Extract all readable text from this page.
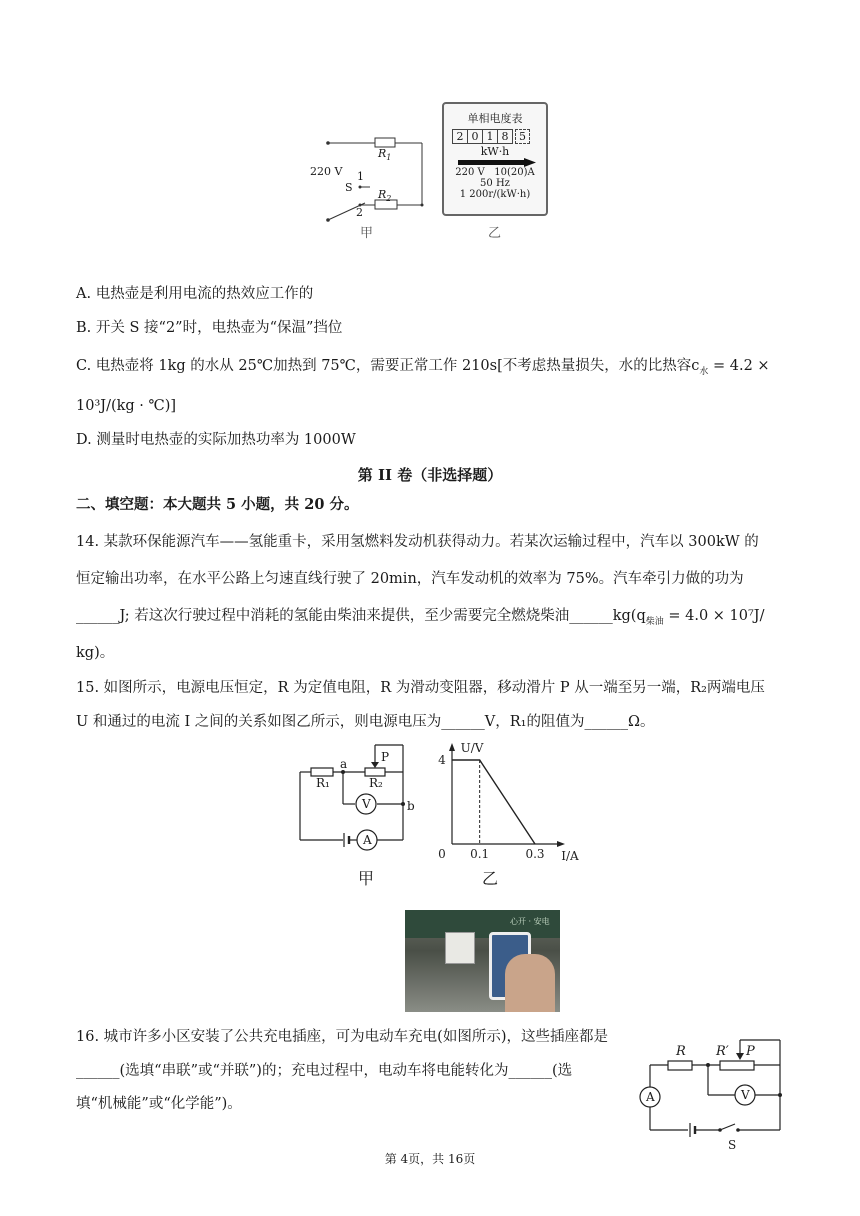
220 V
S
1
2
$R_1$
$R_2$
甲
单相电度表
2 0 1 8 5
kW·h
220 V   10(20)A
50 Hz
1 200r/(kW·h)
乙
A. 电热壶是利用电流的热效应工作的
B. 开关 S 接“2”时，电热壶为“保温”挡位
C. 电热壶将 1kg 的水从 25℃加热到 75℃，需要正常工作 210s[不考虑热量损失，水的比热容$c_水 = 4.2$ ×
10³J/(kg · ℃)]
D. 测量时电热壶的实际加热功率为 1000W
第 II 卷（非选择题）
二、填空题：本大题共 5 小题，共 20 分。
14. 某款环保能源汽车——氢能重卡，采用氢燃料发动机获得动力。若某次运输过程中，汽车以 300kW 的
恒定输出功率，在水平公路上匀速直线行驶了 20min，汽车发动机的效率为 75%。汽车牵引力做的功为
______J; 若这次行驶过程中消耗的氢能由柴油来提供，至少需要完全燃烧柴油$\_\_\_\_\_\_kg(q_{柴油} = 4.0 \times 10^7J/$
kg)。
15. 如图所示，电源电压恒定，R 为定值电阻，R 为滑动变阻器，移动滑片 P 从一端至另一端，R₂两端电压
U 和通过的电流 I 之间的关系如图乙所示，则电源电压为______V，R₁的阻值为______Ω。
a
b
P
R₁	R₂
V
A
甲
U/V
I/A
0
4
0.1	0.3
乙
心开 · 安电
16. 城市许多小区安装了公共充电插座，可为电动车充电(如图所示)，这些插座都是
______(选填“串联”或“并联”)的；充电过程中，电动车将电能转化为______(选
填“机械能”或“化学能”)。
R R′ P
A	V
S
第 4页，共 16页
